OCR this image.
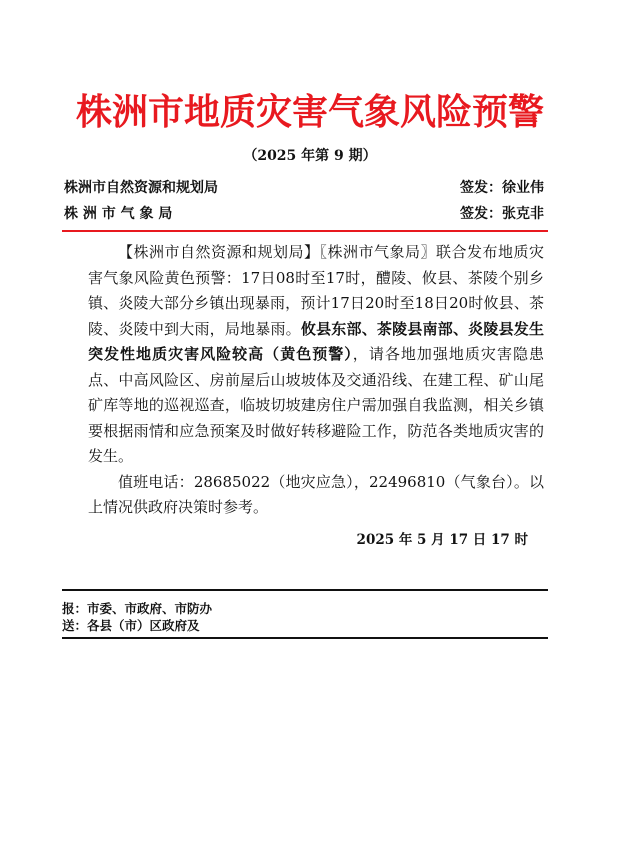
株洲市地质灾害气象风险预警
（2025 年第 9 期）
株洲市自然资源和规划局	签发：徐业伟
株 洲 市 气 象 局	签发：张克非

【株洲市自然资源和规划局】〖株洲市气象局〗联合发布地质灾害气象风险黄色预警：17日08时至17时，醴陵、攸县、茶陵个别乡镇、炎陵大部分乡镇出现暴雨，预计17日20时至18日20时攸县、茶陵、炎陵中到大雨，局地暴雨。攸县东部、茶陵县南部、炎陵县发生突发性地质灾害风险较高（黄色预警），请各地加强地质灾害隐患点、中高风险区、房前屋后山坡坡体及交通沿线、在建工程、矿山尾矿库等地的巡视巡查，临坡切坡建房住户需加强自我监测，相关乡镇要根据雨情和应急预案及时做好转移避险工作，防范各类地质灾害的发生。

值班电话：28685022（地灾应急），22496810（气象台）。以上情况供政府决策时参考。

2025 年 5 月 17 日 17 时
报：市委、市政府、市防办
送：各县（市）区政府及
